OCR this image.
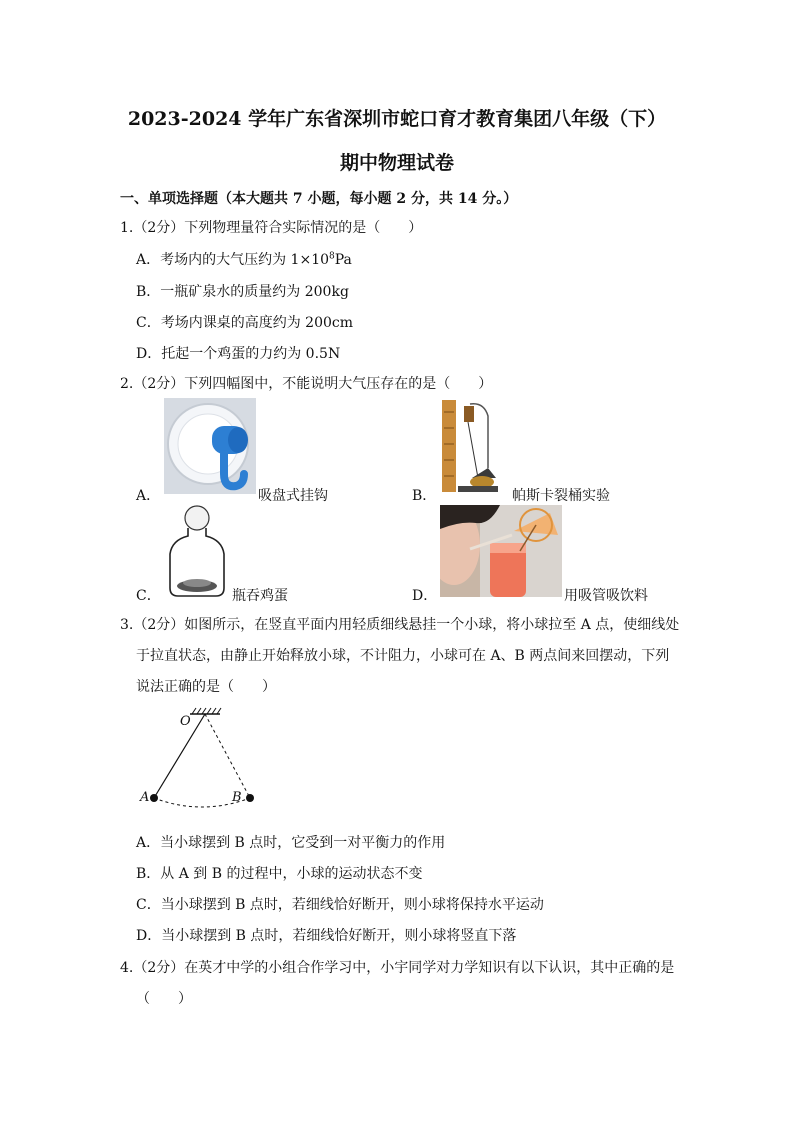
2023-2024 学年广东省深圳市蛇口育才教育集团八年级（下）
期中物理试卷
一、单项选择题（本大题共 7 小题，每小题 2 分，共 14 分。）
1.（2分）下列物理量符合实际情况的是（　　）
A．考场内的大气压约为 $1\times 10^8Pa$
B．一瓶矿泉水的质量约为 200kg
C．考场内课桌的高度约为 200cm
D．托起一个鸡蛋的力约为 0.5N
2.（2分）下列四幅图中，不能说明大气压存在的是（　　）
A．	吸盘式挂钩	B．	帕斯卡裂桶实验
C．	瓶吞鸡蛋	D．	用吸管吸饮料
3.（2分）如图所示，在竖直平面内用轻质细线悬挂一个小球，将小球拉至 A 点，使细线处
于拉直状态，由静止开始释放小球，不计阻力，小球可在 A、B 两点间来回摆动，下列
说法正确的是（　　）
O
A	B
A．当小球摆到 B 点时，它受到一对平衡力的作用
B．从 A 到 B 的过程中，小球的运动状态不变
C．当小球摆到 B 点时，若细线恰好断开，则小球将保持水平运动
D．当小球摆到 B 点时，若细线恰好断开，则小球将竖直下落
4.（2分）在英才中学的小组合作学习中，小宇同学对力学知识有以下认识，其中正确的是
（　　）
